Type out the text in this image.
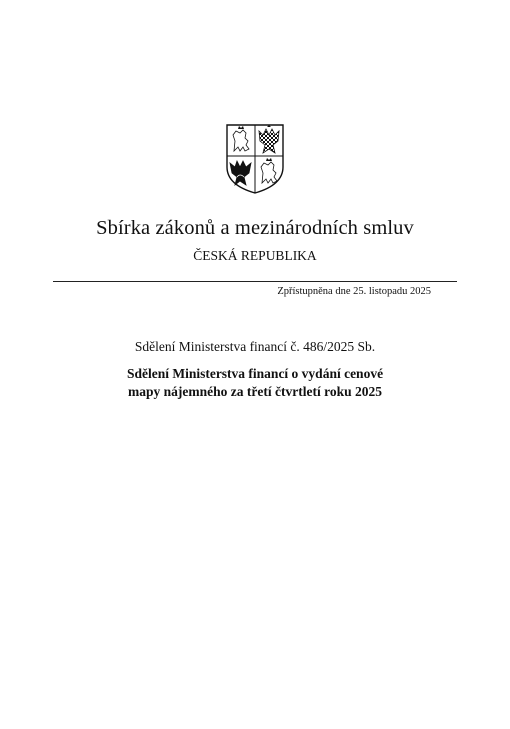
Sbírka zákonů a mezinárodních smluv
ČESKÁ REPUBLIKA
Zpřístupněna dne 25. listopadu 2025
Sdělení Ministerstva financí č. 486/2025 Sb.
Sdělení Ministerstva financí o vydání cenové
mapy nájemného za třetí čtvrtletí roku 2025
